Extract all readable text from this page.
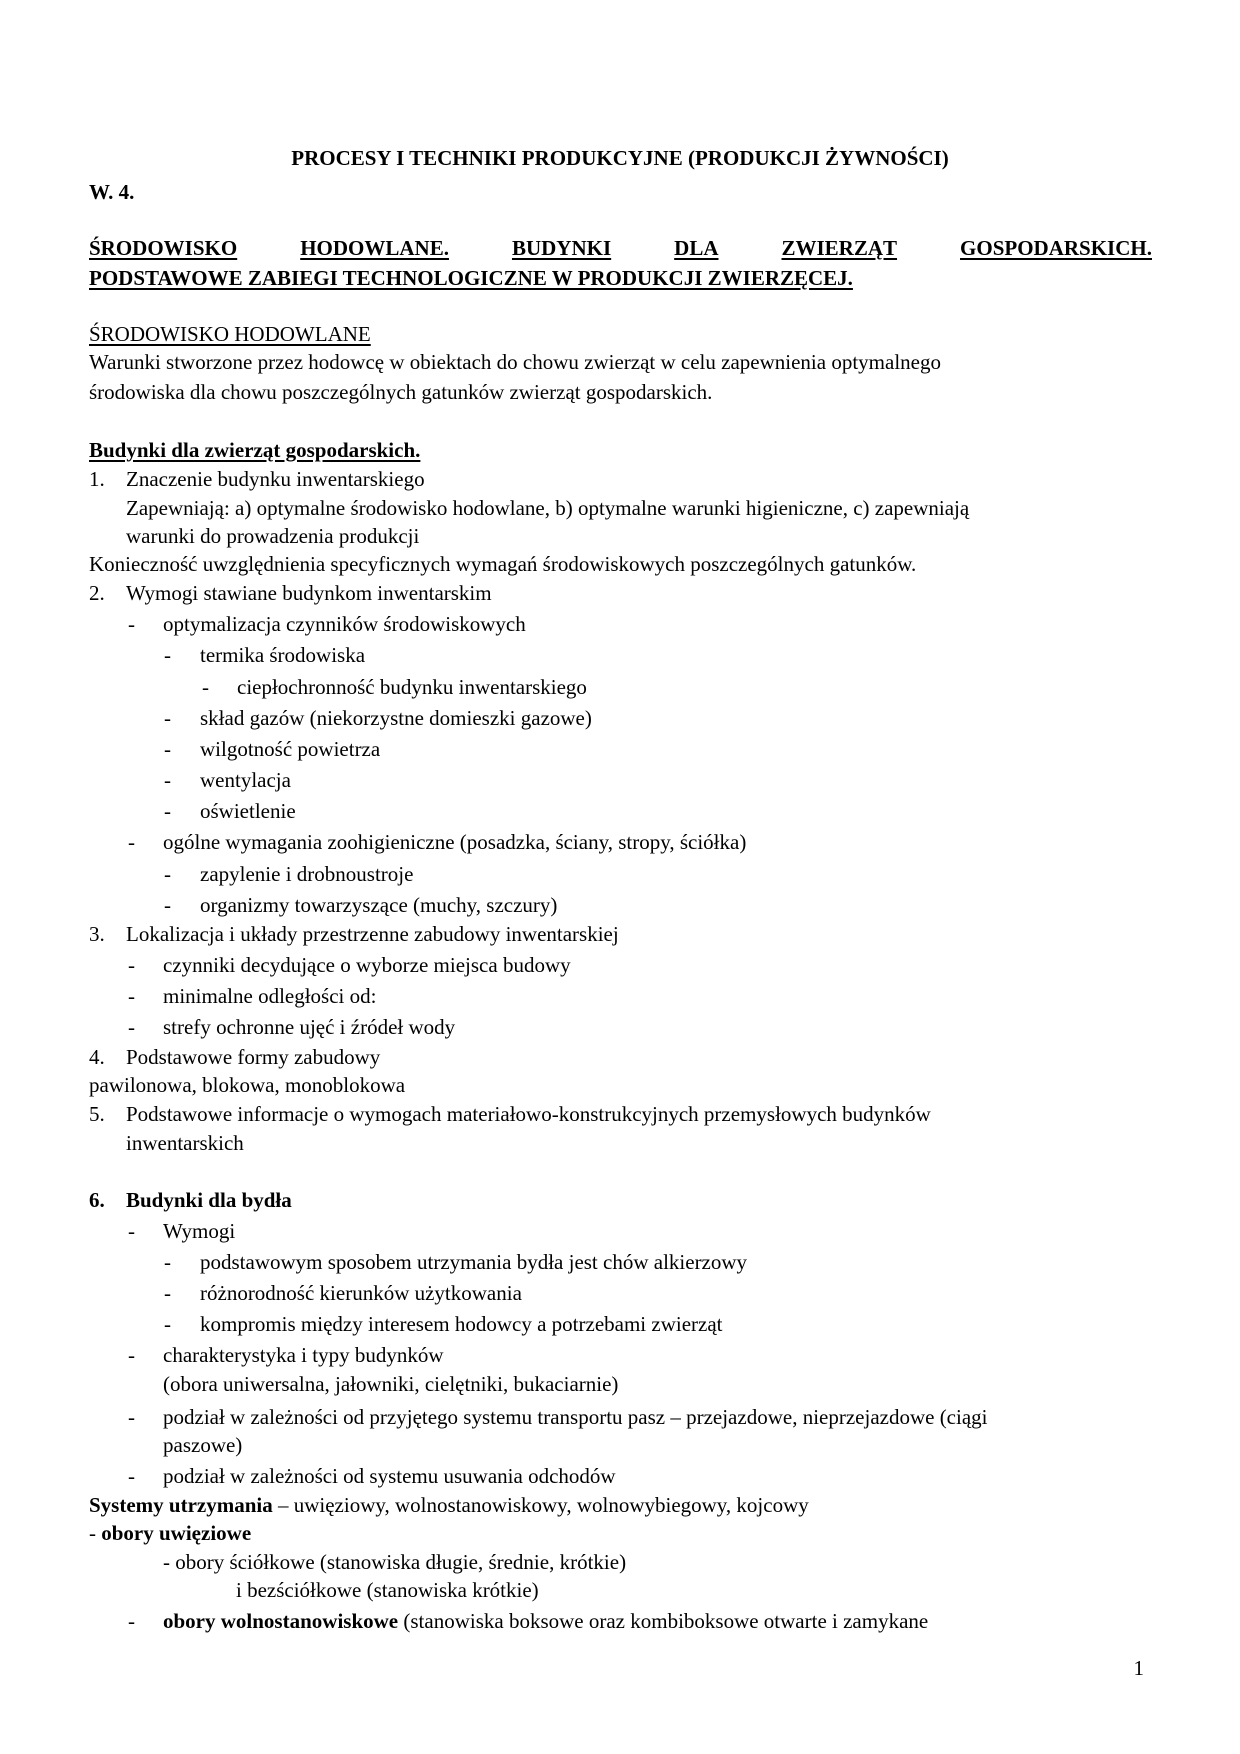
PROCESY I TECHNIKI PRODUKCYJNE (PRODUKCJI ŻYWNOŚCI)
W. 4.
ŚRODOWISKO	HODOWLANE.	BUDYNKI	DLA	ZWIERZĄT	GOSPODARSKICH.
PODSTAWOWE ZABIEGI TECHNOLOGICZNE W PRODUKCJI ZWIERZĘCEJ.
ŚRODOWISKO HODOWLANE
Warunki stworzone przez hodowcę w obiektach do chowu zwierząt w celu zapewnienia optymalnego
środowiska dla chowu poszczególnych gatunków zwierząt gospodarskich.
Budynki dla zwierząt gospodarskich.
1. Znaczenie budynku inwentarskiego
Zapewniają: a) optymalne środowisko hodowlane, b) optymalne warunki higieniczne, c) zapewniają
warunki do prowadzenia produkcji
Konieczność uwzględnienia specyficznych wymagań środowiskowych poszczególnych gatunków.
2. Wymogi stawiane budynkom inwentarskim
- optymalizacja czynników środowiskowych
- termika środowiska
- ciepłochronność budynku inwentarskiego
- skład gazów (niekorzystne domieszki gazowe)
- wilgotność powietrza
- wentylacja
- oświetlenie
- ogólne wymagania zoohigieniczne (posadzka, ściany, stropy, ściółka)
- zapylenie i drobnoustroje
- organizmy towarzyszące (muchy, szczury)
3. Lokalizacja i układy przestrzenne zabudowy inwentarskiej
- czynniki decydujące o wyborze miejsca budowy
- minimalne odległości od:
- strefy ochronne ujęć i źródeł wody
4. Podstawowe formy zabudowy
pawilonowa, blokowa, monoblokowa
5. Podstawowe informacje o wymogach materiałowo-konstrukcyjnych przemysłowych budynków
inwentarskich
6. Budynki dla bydła
- Wymogi
- podstawowym sposobem utrzymania bydła jest chów alkierzowy
- różnorodność kierunków użytkowania
- kompromis między interesem hodowcy a potrzebami zwierząt
- charakterystyka i typy budynków
(obora uniwersalna, jałowniki, cielętniki, bukaciarnie)
- podział w zależności od przyjętego systemu transportu pasz – przejazdowe, nieprzejazdowe (ciągi
paszowe)
- podział w zależności od systemu usuwania odchodów
Systemy utrzymania – uwięziowy, wolnostanowiskowy, wolnowybiegowy, kojcowy
- obory uwięziowe
- obory ściółkowe (stanowiska długie, średnie, krótkie)
i bezściółkowe (stanowiska krótkie)
- obory wolnostanowiskowe (stanowiska boksowe oraz kombiboksowe otwarte i zamykane
1
